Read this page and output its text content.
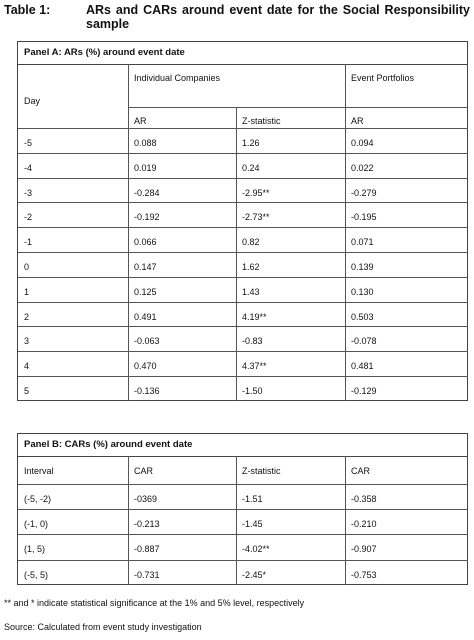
Table 1:	ARs and CARs around event date for the Social Responsibility sample
Panel A: ARs (%) around event date
Individual Companies	Event Portfolios
Day
AR	Z-statistic	AR
-5	0.088	1.26	0.094
-4	0.019	0.24	0.022
-3	-0.284	-2.95**	-0.279
-2	-0.192	-2.73**	-0.195
-1	0.066	0.82	0.071
0	0.147	1.62	0.139
1	0.125	1.43	0.130
2	0.491	4.19**	0.503
3	-0.063	-0.83	-0.078
4	0.470	4.37**	0.481
5	-0.136	-1.50	-0.129
Panel B: CARs (%) around event date
Interval	CAR	Z-statistic	CAR
(-5, -2)	-0369	-1.51	-0.358
(-1, 0)	-0.213	-1.45	-0.210
(1, 5)	-0.887	-4.02**	-0.907
(-5, 5)	-0.731	-2.45*	-0.753
** and * indicate statistical significance at the 1% and 5% level, respectively
Source: Calculated from event study investigation
